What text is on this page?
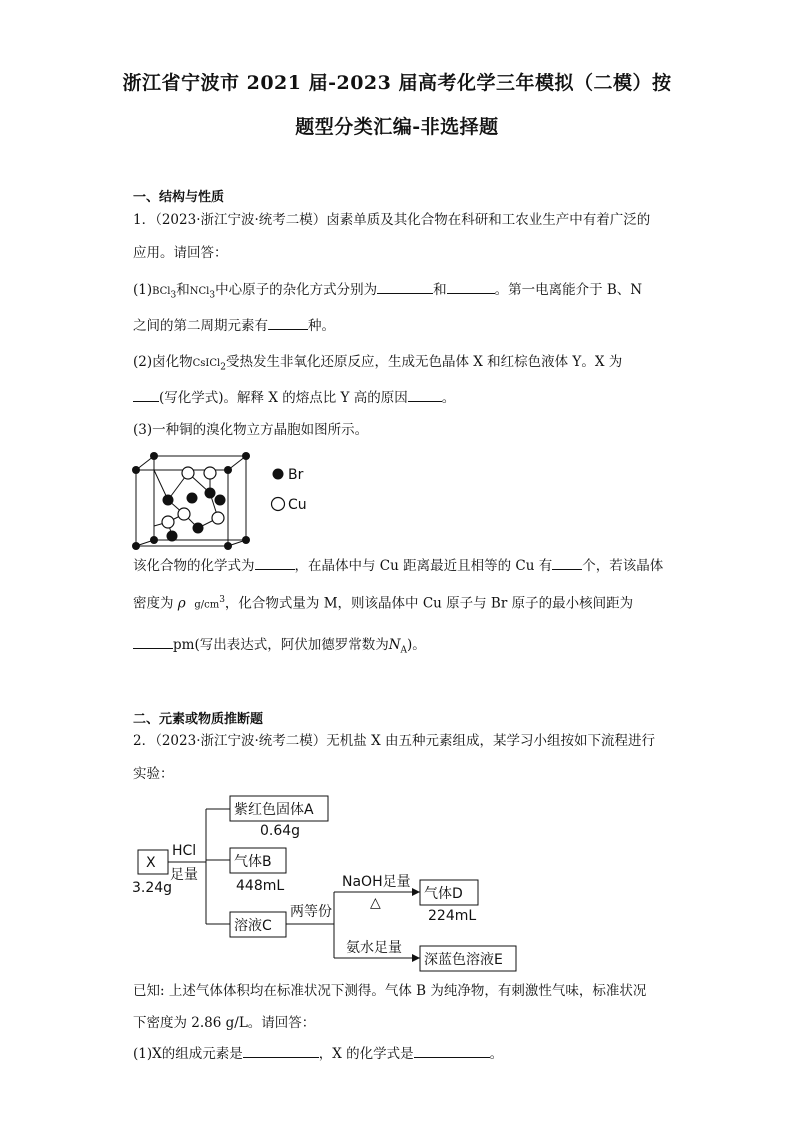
浙江省宁波市 2021 届-2023 届高考化学三年模拟（二模）按
题型分类汇编-非选择题
一、结构与性质
1．（2023·浙江宁波·统考二模）卤素单质及其化合物在科研和工农业生产中有着广泛的
应用。请回答：
(1)BCl$_3$和NCl$_3$中心原子的杂化方式分别为	和	。第一电离能介于 B、N
之间的第二周期元素有	种。
(2)卤化物CsICl$_2$受热发生非氧化还原反应，生成无色晶体 X 和红棕色液体 Y。X 为
(写化学式)。解释 X 的熔点比 Y 高的原因	。
(3)一种铜的溴化物立方晶胞如图所示。
Br
Cu
该化合物的化学式为	，在晶体中与 Cu 距离最近且相等的 Cu 有 个，若该晶体
密度为 ρ $g/cm^3$，化合物式量为 M，则该晶体中 Cu 原子与 Br 原子的最小核间距为
pm(写出表达式，阿伏加德罗常数为$N_A$)。
二、元素或物质推断题
2．（2023·浙江宁波·统考二模）无机盐 X 由五种元素组成，某学习小组按如下流程进行
实验：
X
3.24g
HCl
足量
紫红色固体A
0.64g
气体B
448mL
溶液C
两等份
NaOH足量
△
气体D
224mL
氨水足量
深蓝色溶液E
已知: 上述气体体积均在标准状况下测得。气体 B 为纯净物，有刺激性气味，标准状况
下密度为 2.86 g/L。请回答：
(1)X的组成元素是	，X 的化学式是	。
